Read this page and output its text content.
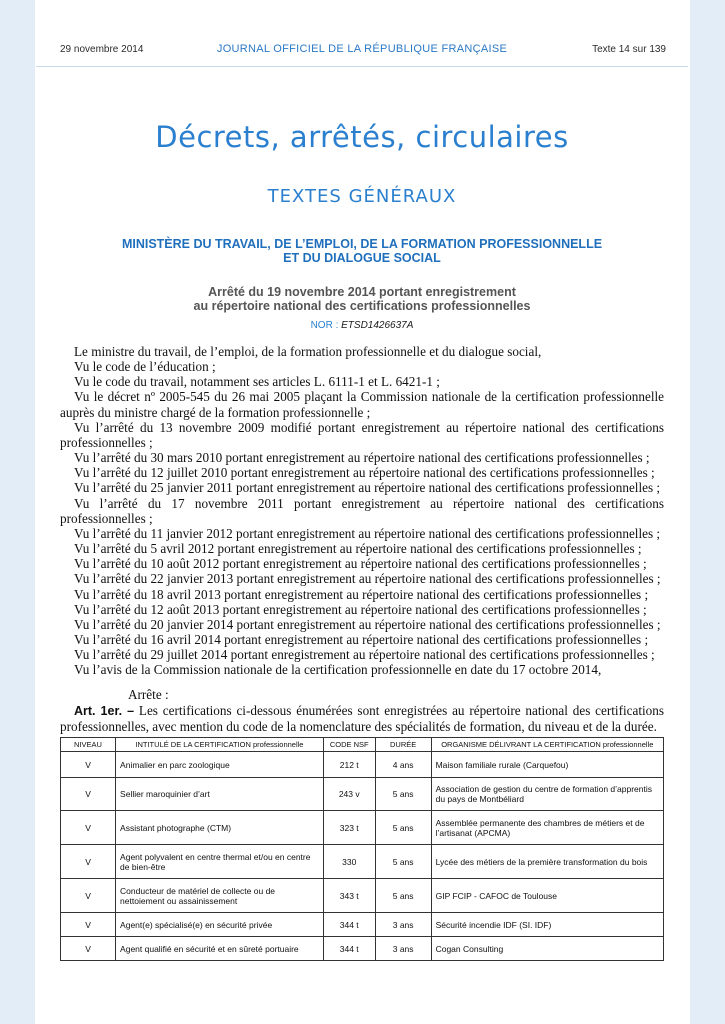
29 novembre 2014	JOURNAL OFFICIEL DE LA RÉPUBLIQUE FRANÇAISE	Texte 14 sur 139
Décrets, arrêtés, circulaires
TEXTES GÉNÉRAUX
MINISTÈRE DU TRAVAIL, DE L’EMPLOI, DE LA FORMATION PROFESSIONNELLE
ET DU DIALOGUE SOCIAL
Arrêté du 19 novembre 2014 portant enregistrement
au répertoire national des certifications professionnelles
NOR : ETSD1426637A

Le ministre du travail, de l’emploi, de la formation professionnelle et du dialogue social,

Vu le code de l’éducation ;

Vu le code du travail, notamment ses articles L. 6111-1 et L. 6421-1 ;

Vu le décret nº 2005-545 du 26 mai 2005 plaçant la Commission nationale de la certification professionnelle auprès du ministre chargé de la formation professionnelle ;

Vu l’arrêté du 13 novembre 2009 modifié portant enregistrement au répertoire national des certifications professionnelles ;

Vu l’arrêté du 30 mars 2010 portant enregistrement au répertoire national des certifications professionnelles ;

Vu l’arrêté du 12 juillet 2010 portant enregistrement au répertoire national des certifications professionnelles ;

Vu l’arrêté du 25 janvier 2011 portant enregistrement au répertoire national des certifications professionnelles ;

Vu l’arrêté du 17 novembre 2011 portant enregistrement au répertoire national des certifications professionnelles ;

Vu l’arrêté du 11 janvier 2012 portant enregistrement au répertoire national des certifications professionnelles ;

Vu l’arrêté du 5 avril 2012 portant enregistrement au répertoire national des certifications professionnelles ;

Vu l’arrêté du 10 août 2012 portant enregistrement au répertoire national des certifications professionnelles ;

Vu l’arrêté du 22 janvier 2013 portant enregistrement au répertoire national des certifications professionnelles ;

Vu l’arrêté du 18 avril 2013 portant enregistrement au répertoire national des certifications professionnelles ;

Vu l’arrêté du 12 août 2013 portant enregistrement au répertoire national des certifications professionnelles ;

Vu l’arrêté du 20 janvier 2014 portant enregistrement au répertoire national des certifications professionnelles ;

Vu l’arrêté du 16 avril 2014 portant enregistrement au répertoire national des certifications professionnelles ;

Vu l’arrêté du 29 juillet 2014 portant enregistrement au répertoire national des certifications professionnelles ;

Vu l’avis de la Commission nationale de la certification professionnelle en date du 17 octobre 2014,

Arrête :
Art. 1er. – Les certifications ci-dessous énumérées sont enregistrées au répertoire national des certifications professionnelles, avec mention du code de la nomenclature des spécialités de formation, du niveau et de la durée.
NIVEAU	INTITULÉ DE LA CERTIFICATION professionnelle	CODE NSF	DURÉE	ORGANISME DÉLIVRANT LA CERTIFICATION professionnelle
V	Animalier en parc zoologique	212 t	4 ans	Maison familiale rurale (Carquefou)
V	Sellier maroquinier d’art	243 v	5 ans	Association de gestion du centre de formation d’apprentis du pays de Montbéliard
V	Assistant photographe (CTM)	323 t	5 ans	Assemblée permanente des chambres de métiers et de l’artisanat (APCMA)
V	Agent polyvalent en centre thermal et/ou en centre de bien-être	330	5 ans	Lycée des métiers de la première transformation du bois
V	Conducteur de matériel de collecte ou de nettoiement ou assainissement	343 t	5 ans	GIP FCIP - CAFOC de Toulouse
V	Agent(e) spécialisé(e) en sécurité privée	344 t	3 ans	Sécurité incendie IDF (SI. IDF)
V	Agent qualifié en sécurité et en sûreté portuaire	344 t	3 ans	Cogan Consulting
